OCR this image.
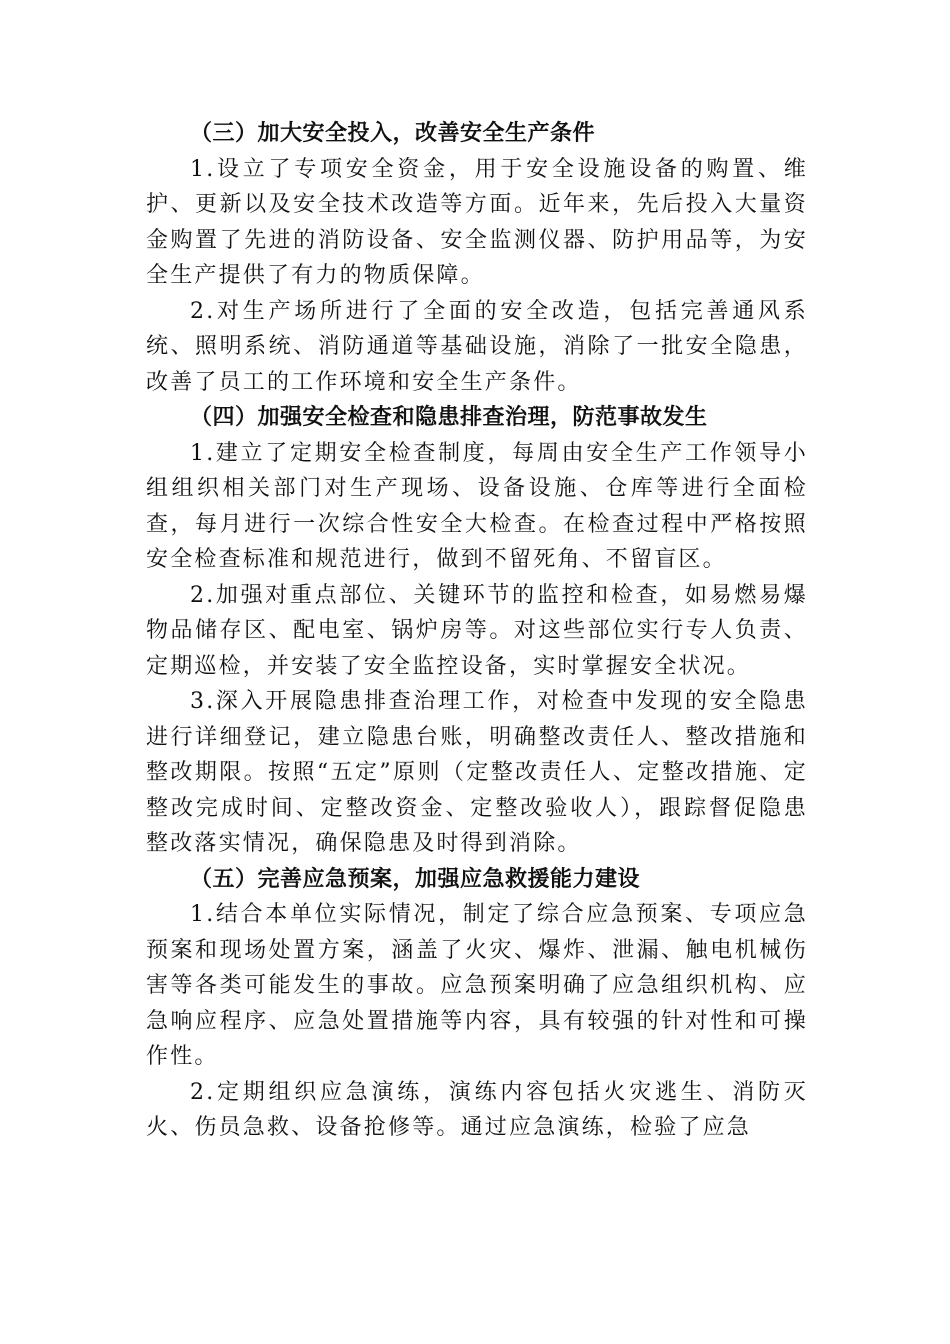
（三）加大安全投入，改善安全生产条件

1.设立了专项安全资金，用于安全设施设备的购置、维护、更新以及安全技术改造等方面。近年来，先后投入大量资金购置了先进的消防设备、安全监测仪器、防护用品等，为安全生产提供了有力的物质保障。

2.对生产场所进行了全面的安全改造，包括完善通风系统、照明系统、消防通道等基础设施，消除了一批安全隐患，改善了员工的工作环境和安全生产条件。

（四）加强安全检查和隐患排查治理，防范事故发生

1.建立了定期安全检查制度，每周由安全生产工作领导小组组织相关部门对生产现场、设备设施、仓库等进行全面检查，每月进行一次综合性安全大检查。在检查过程中严格按照安全检查标准和规范进行，做到不留死角、不留盲区。

2.加强对重点部位、关键环节的监控和检查，如易燃易爆物品储存区、配电室、锅炉房等。对这些部位实行专人负责、定期巡检，并安装了安全监控设备，实时掌握安全状况。

3.深入开展隐患排查治理工作，对检查中发现的安全隐患进行详细登记，建立隐患台账，明确整改责任人、整改措施和整改期限。按照“五定”原则（定整改责任人、定整改措施、定整改完成时间、定整改资金、定整改验收人），跟踪督促隐患整改落实情况，确保隐患及时得到消除。

（五）完善应急预案，加强应急救援能力建设

1.结合本单位实际情况，制定了综合应急预案、专项应急预案和现场处置方案，涵盖了火灾、爆炸、泄漏、触电机械伤害等各类可能发生的事故。应急预案明确了应急组织机构、应急响应程序、应急处置措施等内容，具有较强的针对性和可操作性。

2.定期组织应急演练，演练内容包括火灾逃生、消防灭火、伤员急救、设备抢修等。通过应急演练，检验了应急
